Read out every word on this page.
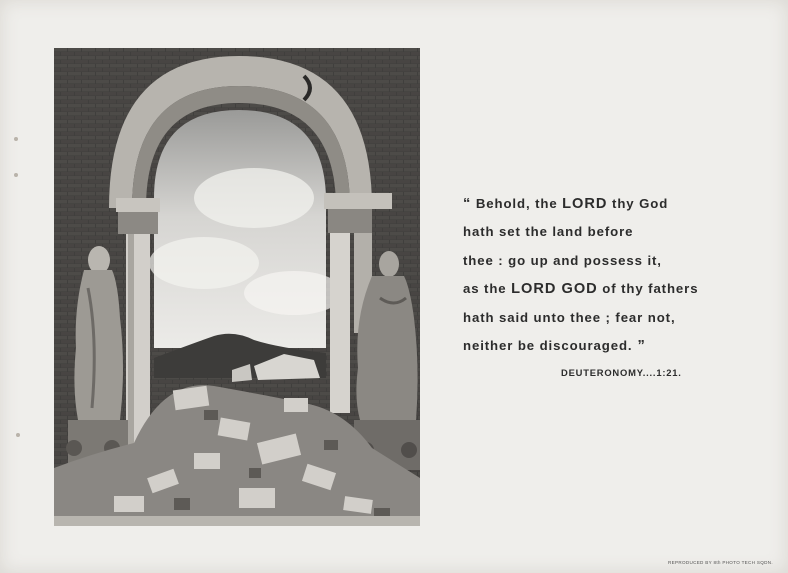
“ Behold, the LORD thy God
hath set the land before
thee : go up and possess it,
as the LORD GOD of thy fathers
hath said unto thee ; fear not,
neither be discouraged. ”
DEUTERONOMY....1:21.
REPRODUCED BY 8th PHOTO TECH SQDN.
